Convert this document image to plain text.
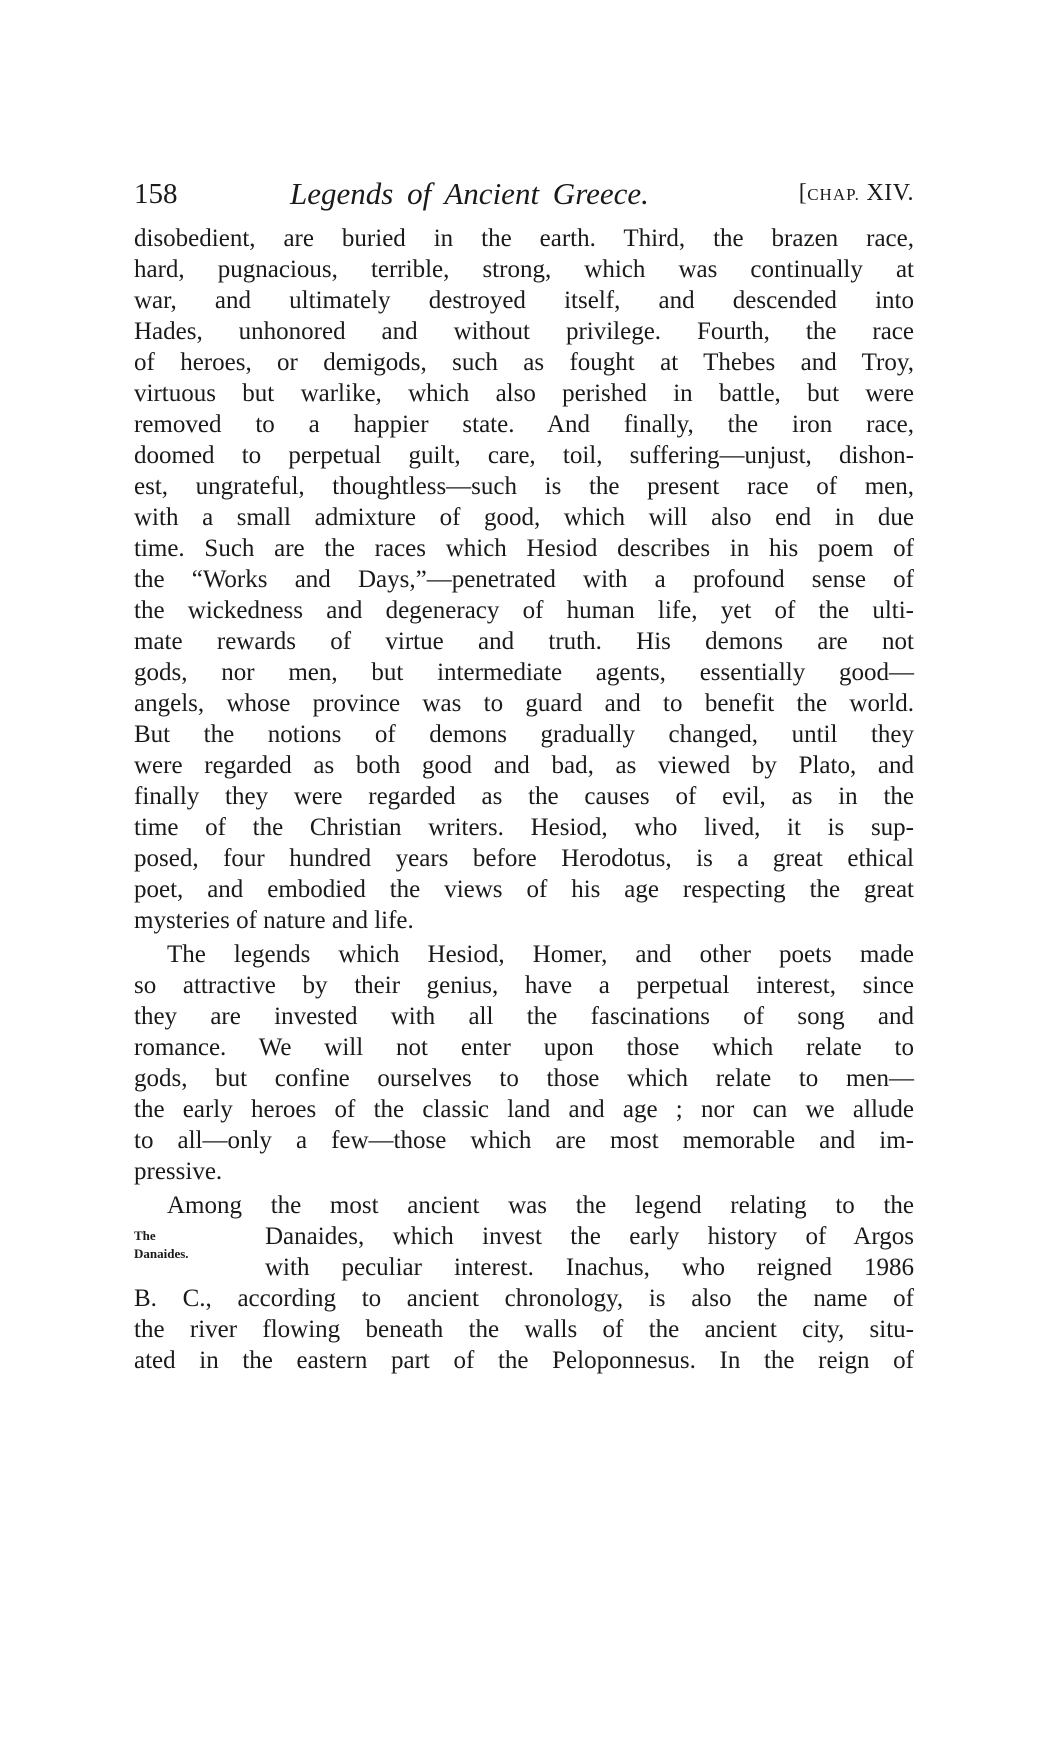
158	Legends of Ancient Greece.	[CHAP. XIV.
disobedient, are buried in the earth. Third, the brazen race,
hard, pugnacious, terrible, strong, which was continually at
war, and ultimately destroyed itself, and descended into
Hades, unhonored and without privilege. Fourth, the race
of heroes, or demigods, such as fought at Thebes and Troy,
virtuous but warlike, which also perished in battle, but were
removed to a happier state. And finally, the iron race,
doomed to perpetual guilt, care, toil, suffering—unjust, dishon-
est, ungrateful, thoughtless—such is the present race of men,
with a small admixture of good, which will also end in due
time. Such are the races which Hesiod describes in his poem of
the “Works and Days,”—penetrated with a profound sense of
the wickedness and degeneracy of human life, yet of the ulti-
mate rewards of virtue and truth. His demons are not
gods, nor men, but intermediate agents, essentially good—
angels, whose province was to guard and to benefit the world.
But the notions of demons gradually changed, until they
were regarded as both good and bad, as viewed by Plato, and
finally they were regarded as the causes of evil, as in the
time of the Christian writers. Hesiod, who lived, it is sup-
posed, four hundred years before Herodotus, is a great ethical
poet, and embodied the views of his age respecting the great
mysteries of nature and life.
The legends which Hesiod, Homer, and other poets made
so attractive by their genius, have a perpetual interest, since
they are invested with all the fascinations of song and
romance. We will not enter upon those which relate to
gods, but confine ourselves to those which relate to men—
the early heroes of the classic land and age ; nor can we allude
to all—only a few—those which are most memorable and im-
pressive.
Among the most ancient was the legend relating to the
The
Danaides.
Danaides, which invest the early history of Argos
with peculiar interest. Inachus, who reigned 1986
B. C., according to ancient chronology, is also the name of
the river flowing beneath the walls of the ancient city, situ-
ated in the eastern part of the Peloponnesus. In the reign of
